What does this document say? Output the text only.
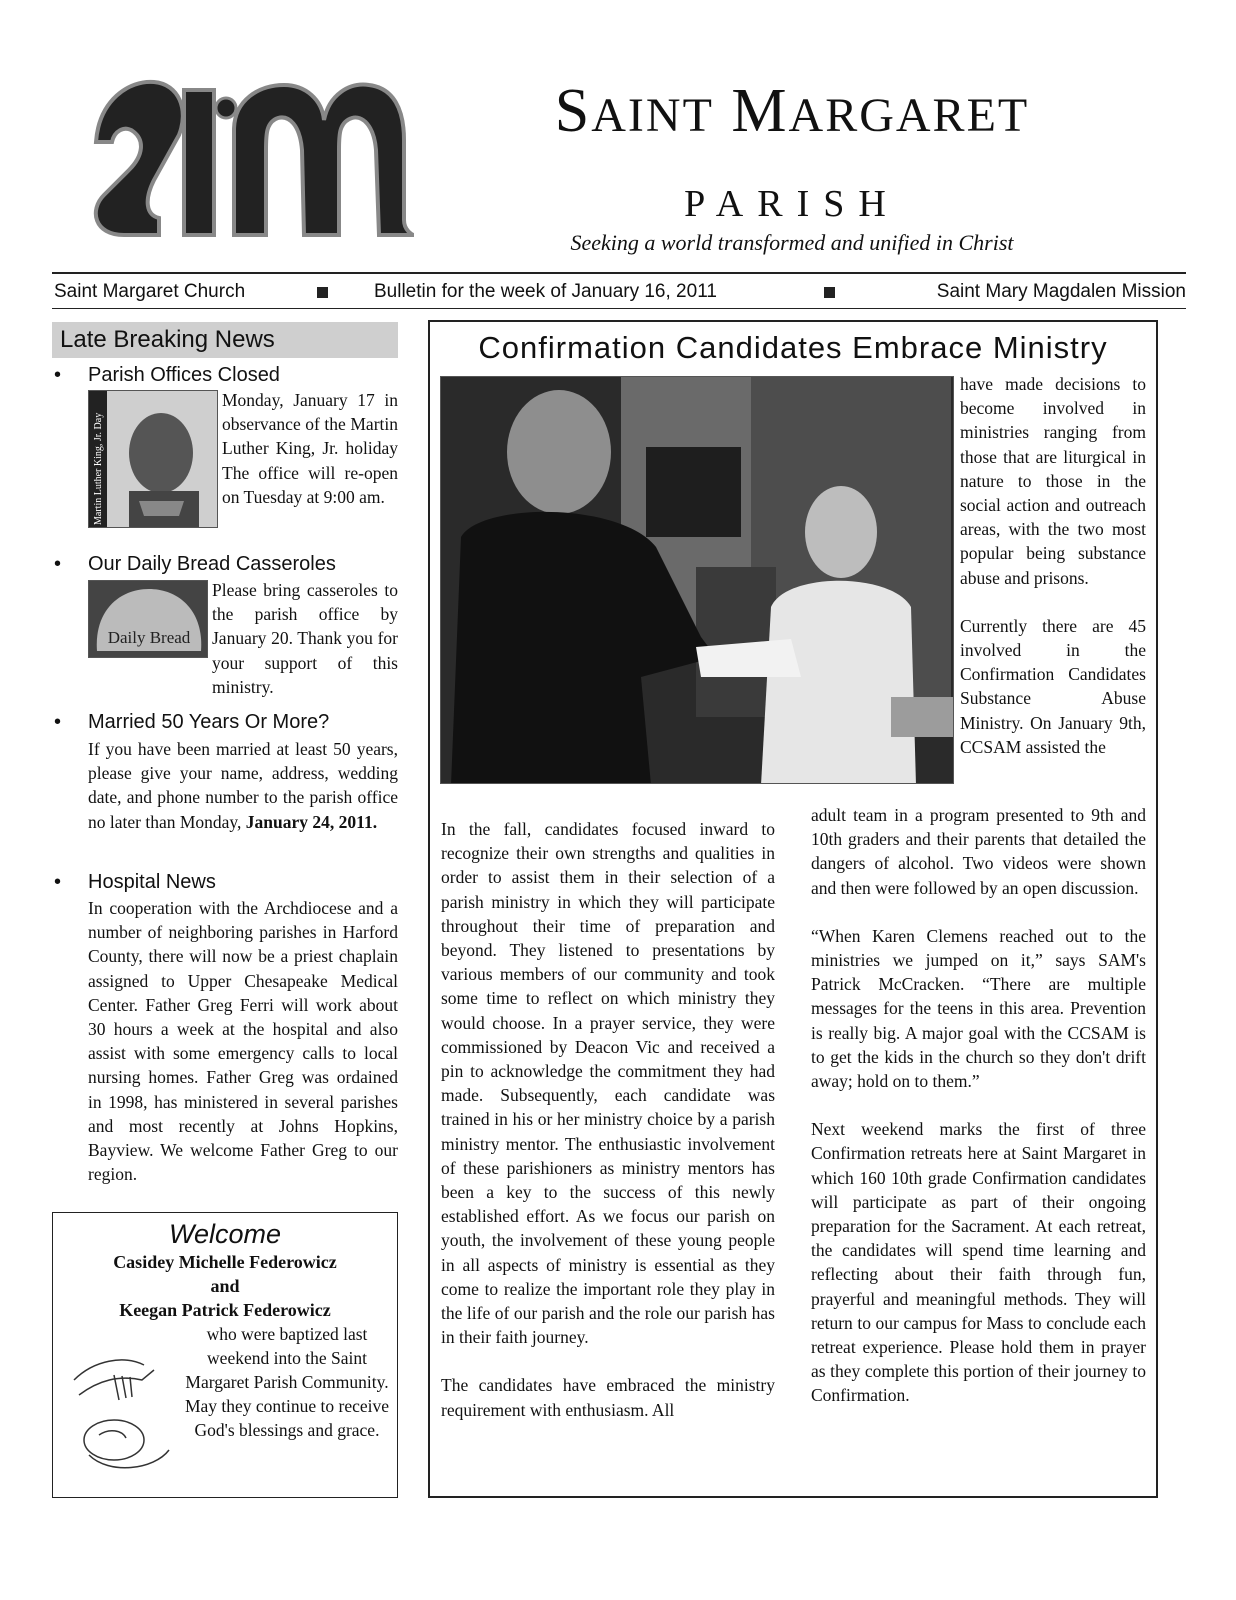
SAINT MARGARET
PARISH
Seeking a world transformed and unified in Christ
Saint Margaret Church	Bulletin for the week of January 16, 2011	Saint Mary Magdalen Mission
Late Breaking News
• Parish Offices Closed
Martin Luther King, Jr. Day
Monday, January 17 in observance of the Martin Luther King, Jr. holiday The office will re-open on Tuesday at 9:00 am.
• Our Daily Bread Casseroles
Daily Bread
Please bring casseroles to the parish office by January 20. Thank you for your support of this ministry.
• Married 50 Years Or More?
If you have been married at least 50 years, please give your name, address, wedding date, and phone number to the parish office no later than Monday, January 24, 2011.
• Hospital News
In cooperation with the Archdiocese and a number of neighboring parishes in Harford County, there will now be a priest chaplain assigned to Upper Chesapeake Medical Center. Father Greg Ferri will work about 30 hours a week at the hospital and also assist with some emergency calls to local nursing homes. Father Greg was ordained in 1998, has ministered in several parishes and most recently at Johns Hopkins, Bayview. We welcome Father Greg to our region.
Welcome
Casidey Michelle Federowicz
and
Keegan Patrick Federowicz
who were baptized last weekend into the Saint Margaret Parish Community. May they continue to receive God's blessings and grace.
Confirmation Candidates Embrace Ministry

have made decisions to become involved in ministries ranging from those that are liturgical in nature to those in the social action and outreach areas, with the two most popular being substance abuse and prisons.

Currently there are 45 involved in the Confirmation Candidates Substance Abuse Ministry. On January 9th, CCSAM assisted the

In the fall, candidates focused inward to recognize their own strengths and qualities in order to assist them in their selection of a parish ministry in which they will participate throughout their time of preparation and beyond. They listened to presentations by various members of our community and took some time to reflect on which ministry they would choose. In a prayer service, they were commissioned by Deacon Vic and received a pin to acknowledge the commitment they had made. Subsequently, each candidate was trained in his or her ministry choice by a parish ministry mentor. The enthusiastic involvement of these parishioners as ministry mentors has been a key to the success of this newly established effort. As we focus our parish on youth, the involvement of these young people in all aspects of ministry is essential as they come to realize the important role they play in the life of our parish and the role our parish has in their faith journey.

The candidates have embraced the ministry requirement with enthusiasm. All

adult team in a program presented to 9th and 10th graders and their parents that detailed the dangers of alcohol. Two videos were shown and then were followed by an open discussion.

“When Karen Clemens reached out to the ministries we jumped on it,” says SAM's Patrick McCracken. “There are multiple messages for the teens in this area. Prevention is really big. A major goal with the CCSAM is to get the kids in the church so they don't drift away; hold on to them.”

Next weekend marks the first of three Confirmation retreats here at Saint Margaret in which 160 10th grade Confirmation candidates will participate as part of their ongoing preparation for the Sacrament. At each retreat, the candidates will spend time learning and reflecting about their faith through fun, prayerful and meaningful methods. They will return to our campus for Mass to conclude each retreat experience. Please hold them in prayer as they complete this portion of their journey to Confirmation.
